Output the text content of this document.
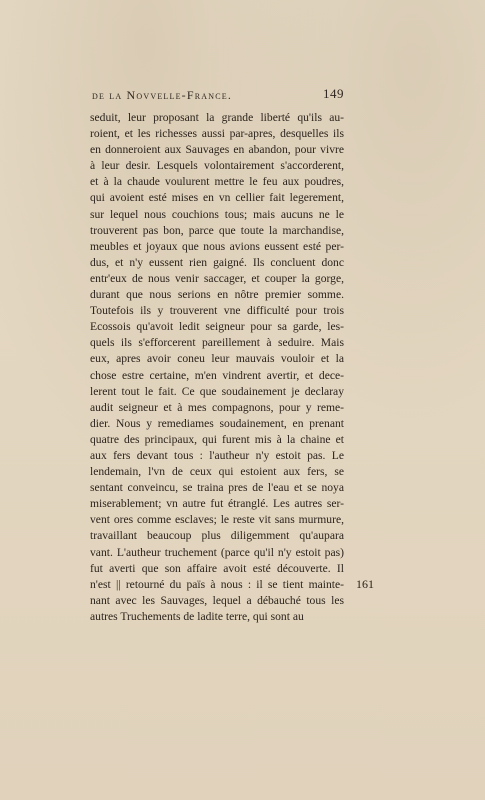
de la Novvelle-France.	149
seduit, leur proposant la grande liberté qu'ils au-
roient, et les richesses aussi par-apres, desquelles ils
en donneroient aux Sauvages en abandon, pour vivre
à leur desir. Lesquels volontairement s'accorderent,
et à la chaude voulurent mettre le feu aux poudres,
qui avoient esté mises en vn cellier fait legerement,
sur lequel nous couchions tous; mais aucuns ne le
trouverent pas bon, parce que toute la marchandise,
meubles et joyaux que nous avions eussent esté per-
dus, et n'y eussent rien gaigné. Ils concluent donc
entr'eux de nous venir saccager, et couper la gorge,
durant que nous serions en nôtre premier somme.
Toutefois ils y trouverent vne difficulté pour trois
Ecossois qu'avoit ledit seigneur pour sa garde, les-
quels ils s'efforcerent pareillement à seduire. Mais
eux, apres avoir coneu leur mauvais vouloir et la
chose estre certaine, m'en vindrent avertir, et dece-
lerent tout le fait. Ce que soudainement je declaray
audit seigneur et à mes compagnons, pour y reme-
dier. Nous y remediames soudainement, en prenant
quatre des principaux, qui furent mis à la chaine et
aux fers devant tous : l'autheur n'y estoit pas. Le
lendemain, l'vn de ceux qui estoient aux fers, se
sentant conveincu, se traina pres de l'eau et se noya
miserablement; vn autre fut étranglé. Les autres ser-
vent ores comme esclaves; le reste vit sans murmure,
travaillant beaucoup plus diligemment qu'aupara
vant. L'autheur truchement (parce qu'il n'y estoit pas)
fut averti que son affaire avoit esté découverte. Il
n'est || retourné du païs à nous : il se tient mainte-
nant avec les Sauvages, lequel a débauché tous les
autres Truchements de ladite terre, qui sont au
161
